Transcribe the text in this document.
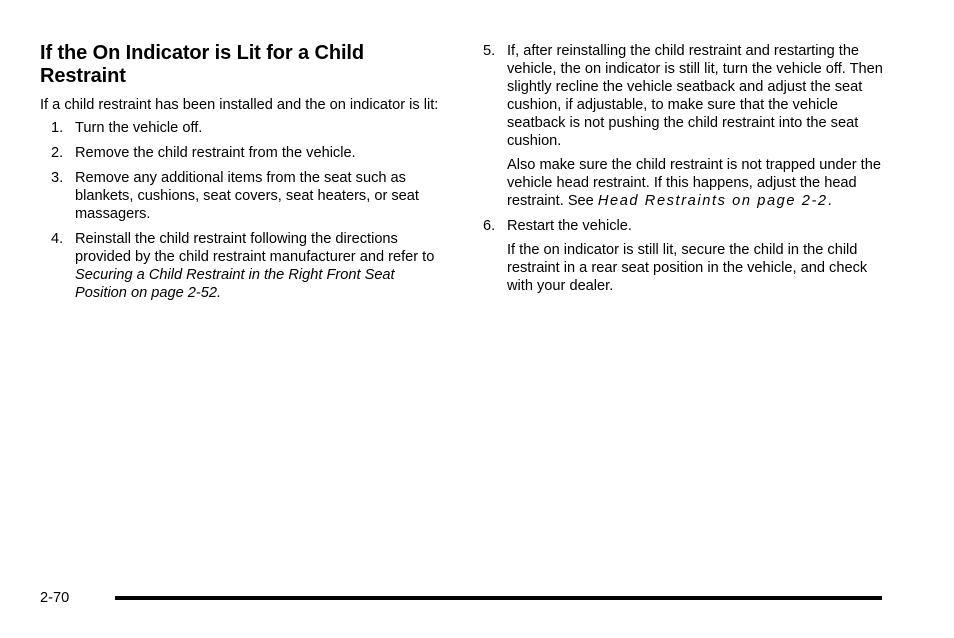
If the On Indicator is Lit for a Child Restraint

If a child restraint has been installed and the on indicator is lit:

1. Turn the vehicle off.
2. Remove the child restraint from the vehicle.
3. Remove any additional items from the seat such as blankets, cushions, seat covers, seat heaters, or seat massagers.
4. Reinstall the child restraint following the directions provided by the child restraint manufacturer and refer to Securing a Child Restraint in the Right Front Seat Position on page 2-52.
5. If, after reinstalling the child restraint and restarting the vehicle, the on indicator is still lit, turn the vehicle off. Then slightly recline the vehicle seatback and adjust the seat cushion, if adjustable, to make sure that the vehicle seatback is not pushing the child restraint into the seat cushion.
Also make sure the child restraint is not trapped under the vehicle head restraint. If this happens, adjust the head restraint. See Head Restraints on page 2-2.
6. Restart the vehicle.
If the on indicator is still lit, secure the child in the child restraint in a rear seat position in the vehicle, and check with your dealer.
2-70
